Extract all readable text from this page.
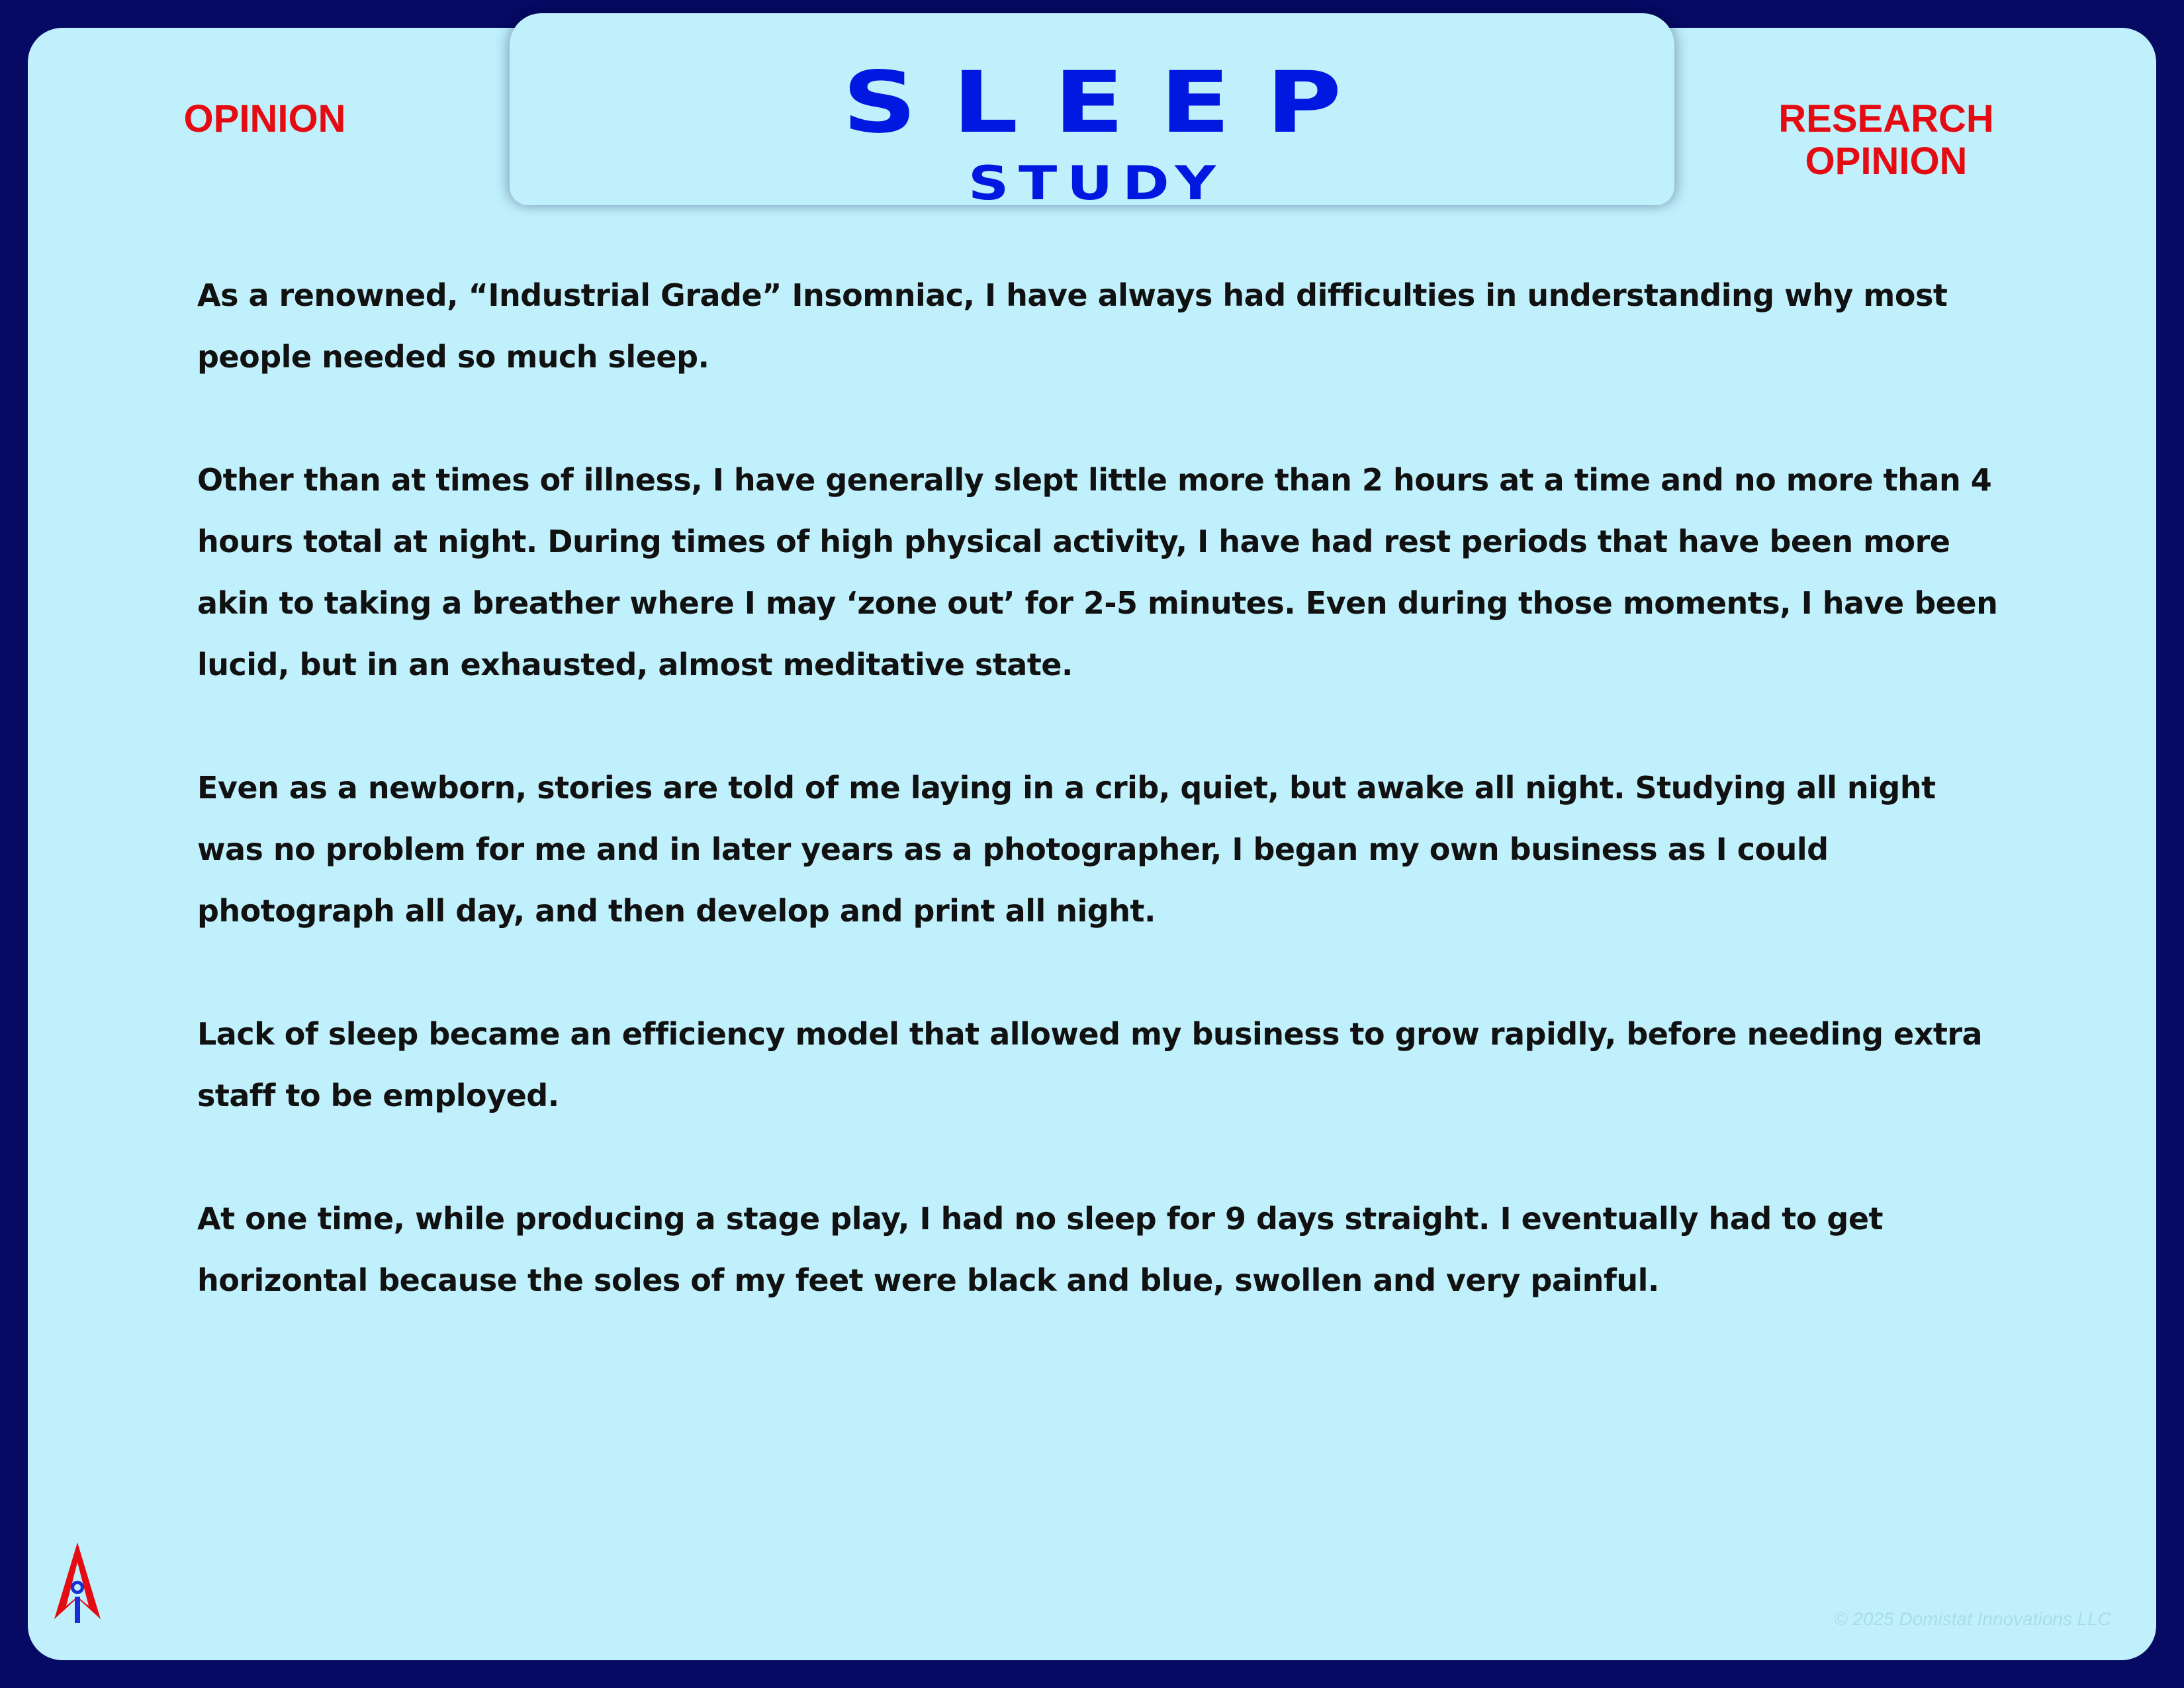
SLEEP
STUDY
OPINION	RESEARCH
OPINION

As a renowned, “Industrial Grade” Insomniac, I have always had difficulties in understanding why most people needed so much sleep.

Other than at times of illness, I have generally slept little more than 2 hours at a time and no more than 4 hours total at night. During times of high physical activity, I have had rest periods that have been more akin to taking a breather where I may ‘zone out’ for 2-5 minutes. Even during those moments, I have been lucid, but in an exhausted, almost meditative state.

Even as a newborn, stories are told of me laying in a crib, quiet, but awake all night. Studying all night was no problem for me and in later years as a photographer, I began my own business as I could photograph all day, and then develop and print all night.

Lack of sleep became an efficiency model that allowed my business to grow rapidly, before needing extra staff to be employed.

At one time, while producing a stage play, I had no sleep for 9 days straight. I eventually had to get horizontal because the soles of my feet were black and blue, swollen and very painful.

© 2025 Domistat Innovations LLC
